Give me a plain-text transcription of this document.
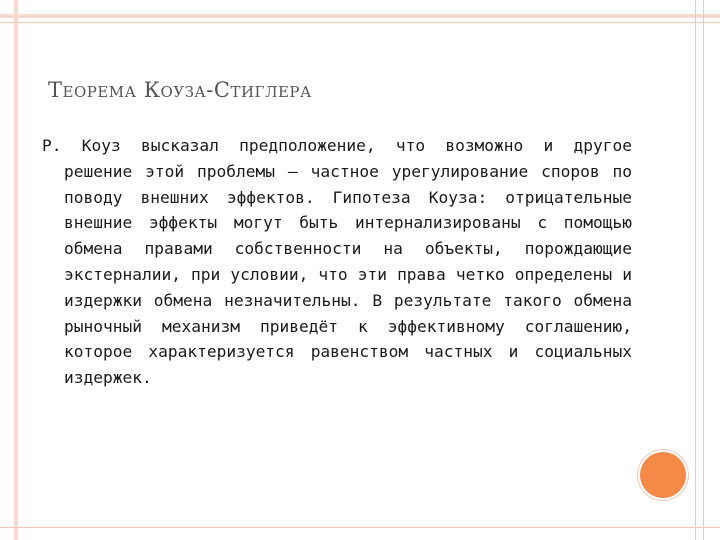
Теорема Коуза-Стиглера
Р. Коуз высказал предположение, что возможно и другое решение этой проблемы – частное урегулирование споров по поводу внешних эффектов. Гипотеза Коуза: отрицательные внешние эффекты могут быть интернализированы с помощью обмена правами собственности на объекты, порождающие экстерналии, при условии, что эти права четко определены и издержки обмена незначительны. В результате такого обмена рыночный механизм приведёт к эффективному соглашению, которое характеризуется равенством частных и социальных издержек.
